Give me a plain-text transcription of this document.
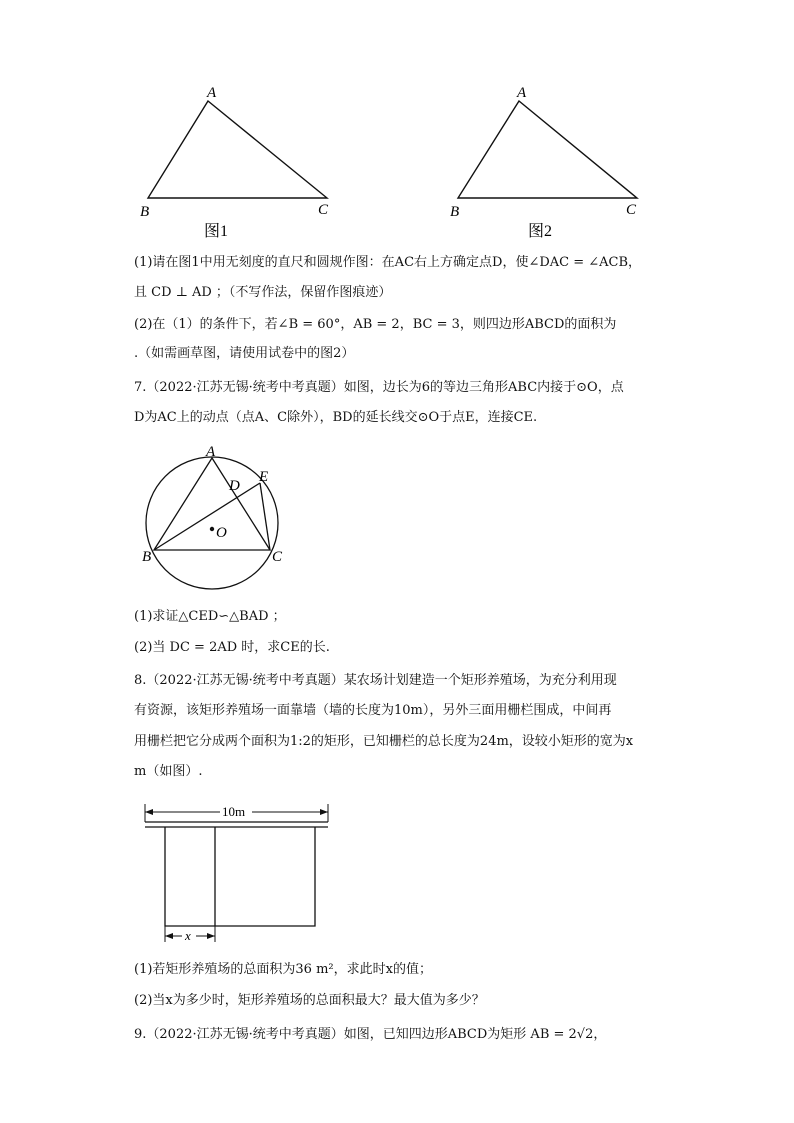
A
B	C
图1
A
B	C
图2
(1)请在图1中用无刻度的直尺和圆规作图：在AC右上方确定点D，使∠DAC = ∠ACB，
且 CD ⊥ AD ；（不写作法，保留作图痕迹）
(2)在（1）的条件下，若∠B = 60°，AB = 2，BC = 3，则四边形ABCD的面积为
.（如需画草图，请使用试卷中的图2）
7.（2022·江苏无锡·统考中考真题）如图，边长为6的等边三角形ABC内接于⊙O，点
D为AC上的动点（点A、C除外），BD的延长线交⊙O于点E，连接CE.
A
B	C
D
E
O
(1)求证△CED∽△BAD ；
(2)当 DC = 2AD 时，求CE的长.
8.（2022·江苏无锡·统考中考真题）某农场计划建造一个矩形养殖场，为充分利用现
有资源，该矩形养殖场一面靠墙（墙的长度为10m），另外三面用栅栏围成，中间再
用栅栏把它分成两个面积为1:2的矩形，已知栅栏的总长度为24m，设较小矩形的宽为x
m（如图）.
10m
x
(1)若矩形养殖场的总面积为36 m²，求此时x的值；
(2)当x为多少时，矩形养殖场的总面积最大？最大值为多少？
9.（2022·江苏无锡·统考中考真题）如图，已知四边形ABCD为矩形 AB = 2√2，
